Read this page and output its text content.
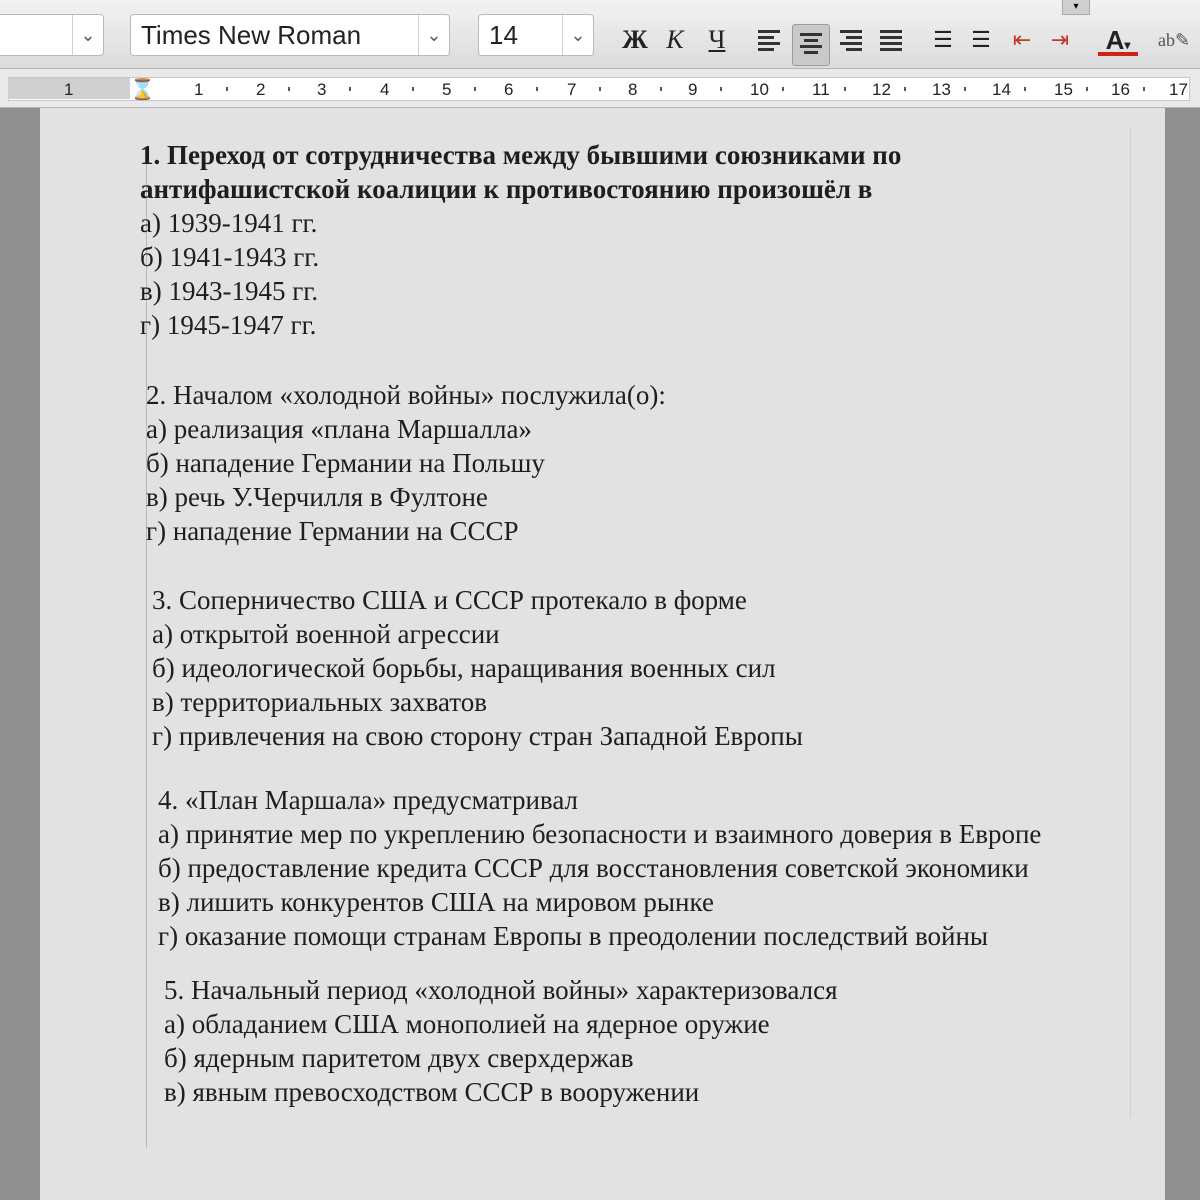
⌄	Times New Roman	⌄	14	⌄ Ж К Ч	☰ ☰ ⇤ ⇥ A▾	ab✎
▾
⌛
1	1	2	3	4	5	6	7	8	9	10	11 12 13 14	15 16 17
1. Переход от сотрудничества между бывшими союзниками по
антифашистской коалиции к противостоянию произошёл в
а) 1939-1941 гг.
б) 1941-1943 гг.
в) 1943-1945 гг.
г) 1945-1947 гг.
2. Началом «холодной войны» послужила(о):
а) реализация «плана Маршалла»
б) нападение Германии на Польшу
в) речь У.Черчилля в Фултоне
г) нападение Германии на СССР
3. Соперничество США и СССР протекало в форме
а) открытой военной агрессии
б) идеологической борьбы, наращивания военных сил
в) территориальных захватов
г) привлечения на свою сторону стран Западной Европы
4. «План Маршала» предусматривал
а) принятие мер по укреплению безопасности и взаимного доверия в Европе
б) предоставление кредита СССР для восстановления советской экономики
в) лишить конкурентов США на мировом рынке
г) оказание помощи странам Европы в преодолении последствий войны
5. Начальный период «холодной войны» характеризовался
а) обладанием США монополией на ядерное оружие
б) ядерным паритетом двух сверхдержав
в) явным превосходством СССР в вооружении
